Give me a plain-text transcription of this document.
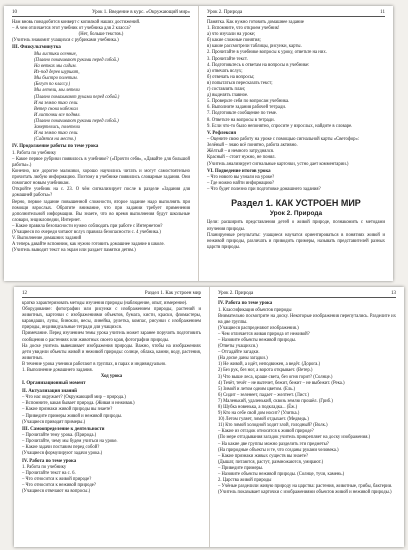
10	Урок 1. Введение в курс. «Окружающий мир»

Нам вновь понадобится конверт с копилкой наших достижений.

– А чем отличается этот учебник от учебника для 2 класса?

(Нет, больше текстов.)

(Учитель знакомит учащихся с рубриками учебника.)

III. Физкультминутка

Мы листики осенние,

(Плавно покачивают руками перед собой.)

На ветках мы сидим.

Из-под дерев шуршат,

Мы быстро полетим.

(Бегут по классу.)

Мы летели, мы летели

(Плавно помахивают руками перед собой.)

И на землю тихо сели.

Ветер снова набежал

И листочки все поднял.

(Плавно покачивают руками перед собой.)

Завертелись, полетели

И на землю тихо сели.

(Садятся на место.)

IV. Продолжение работы по теме урока

1. Работа по учебнику

– Какое первое рубрики появилось в учебнике? («Прочти себя», «Давайте для большой работы».)

Конечно, все дорогие мальчики, хорошо научились читать и могут самостоятельно прочитать любую информацию. Поэтому в учебнике появились словарные задания. Они помогают новым учебникам.

Откройте учебник на с. 23. О чём сигнализирует после в разделе «Задания для домашней работы»?

Верно, первое задание повышенной сложности, второе задание надо выполнять при помощи взрослых. Обратите внимание, что при задании требует применения дополнительной информации. Вы знаете, что во время выполнения будут школьные словари, энциклопедии, Интернет.

– Какие правила безопасности нужно соблюдать при работе с Интернетом?

(Учащиеся по очереди читают вслух правила безопасности с. 4 учебника.)

V. Выполнение домашних заданий

А теперь давайте вспомним, как нужно готовить домашнее задание в школе.

(Учитель выводит текст на экран или раздает памятки детям.)

Урок 2. Природа	11

Памятка. Как нужно готовить домашнее задание

1. Вспомните, что откроем учебник!

а) что изучали на уроке;

б) какие сложные понятия;

в) какие рассмотрели таблицы, рисунки, карты.

2. Прочитайте в учебнике вопросы к уроку, ответьте на них.

3. Прочитайте текст.

4. Подготовьтесь к ответам на вопросы в учебнике:

а) отвечать вслух;

б) отвечать на вопросы;

в) попытаться пересказать текст;

г) составлять план;

д) выделять главное.

5. Проверьте себя по вопросам учебника.

6. Выполните задания рабочей тетради.

7. Подготовьте сообщение по теме.

8. Ответьте на вопросы в тетради.

9. Если что-то было непонятно, спросите у взрослых, найдите в словаре.

V. Рефлексия

– Оцените свою работу на уроке с помощью сигнальной карты «Светофор»:

Зелёный – знаю всё понятно, работа активно.

Жёлтый – я немного затруднялся.

Красный – стоит нужно, не понял.

(Учитель анализирует сигнальные карточки, устно дает комментарии.)

VI. Подведение итогов урока

– Что нового вы узнали на уроке?

– Где можно найти информацию?

– Что будет полезно при подготовке домашнего задания?

Раздел 1. КАК УСТРОЕН МИР

Урок 2. Природа

Цели: расширить представления детей о живой природе, познакомить с методами изучения природы.

Планируемые результаты: учащиеся научатся ориентироваться в понятиях живой и неживой природы, различать и приводить примеры, называть представителей разных царств природы.

12	Раздел 1. Как устроен мир

кратко характеризовать методы изучения природы (наблюдение, опыт, измерение).

Оборудование: фотографии или рисунки с изображением природы, растений и животных, карточки с изображениями объектов, бумага, кисти, краски, фломастеры, карандаши, лупы, бинокли, весы, линейка, рулетка, компас, рисунки с изображением природы, индивидуальные тетради для учащихся.

Примечание. Перед изучением темы урока учитель может заранее поручить подготовить сообщения о растениях или животных своего края, фотографии природы.

На доске учитель вывешивает изображения природы. Важно, чтобы на изображениях дети увидели объекты живой и неживой природы: солнце, облака, камни, воду, растения, животных.

В течение урока ученики работают в группах, в парах и индивидуально.

1. Выполнение домашнего задания.

Ход урока

I. Организационный момент

II. Актуализация знаний

– Что нас окружает? (Окружающий мир – природа.)

– Вспомните, какая бывает природа. (Живая и неживая.)

– Какие признаки живой природы вы знаете?

– Приведите примеры живой и неживой природы.

(Учащиеся приводят примеры.)

III. Самоопределение к деятельности

– Прочитайте тему урока. (Природа.)

– Прочитайте, чему мы будем учиться на уроке.

– Какие задачи поставим перед собой?

(Учащиеся формулируют задачи урока.)

IV. Работа по теме урока

1. Работа по учебнику

– Прочитайте текст на с. 6.

– Что относится к живой природе?

– Что относится к неживой природе?

(Учащиеся отвечают на вопросы.)

Урок 2. Природа	13

IV. Работа по теме урока

1. Классификация объектов природы

Внимательно посмотрите на доску. Некоторые изображения перепутались. Разделите их на две группы.

(Учащиеся распределяют изображения.)

– Чем отличается живая природа от неживой?

– Назовите объекты неживой природы.

(Ответы учащихся.)

– Отгадайте загадки.

(На доске даны загадки.)

1) Не живой, а идёт, неподвижен, а ведёт. (Дорога.)

2) Без рук, без ног, а ворота открывает. (Ветер.)

3) Что выше леса, краше света, без огня горит? (Солнце.)

4) Течёт, течёт – не вытечет, бежит, бежит – не выбежит. (Река.)

5) Зимой и летом одним цветом. (Ель.)

6) Сидит – зеленеет, падает – желтеет. (Лист.)

7) Маленький, удаленький, сквозь землю прошёл. (Гриб.)

8) Шубка новенька, а подкладка... (Ёж.)

9) Кто на себе свой дом носит? (Улитка.)

10) Летом гуляет, зимой отдыхает. (Медведь.)

11) Кто зимой холодной ходит злой, голодный? (Волк.)

– Какие из отгадок относятся к живой природе?

(По мере отгадывания загадок учитель прикрепляет на доску изображения.)

– На какие две группы можно разделить эти предметы?

(На природные объекты и те, что созданы руками человека.)

– Какие признаки живых существ вы знаете?

(Дышат, питаются, растут, размножаются, умирают.)

– Приведите примеры.

– Назовите объекты неживой природы. (Солнце, тучи, камень.)

2. Царства живой природы

– Учёные разделили живую природу на царства: растения, животные, грибы, бактерии.

(Учитель показывает карточки с изображениями объектов живой и неживой природы.)
